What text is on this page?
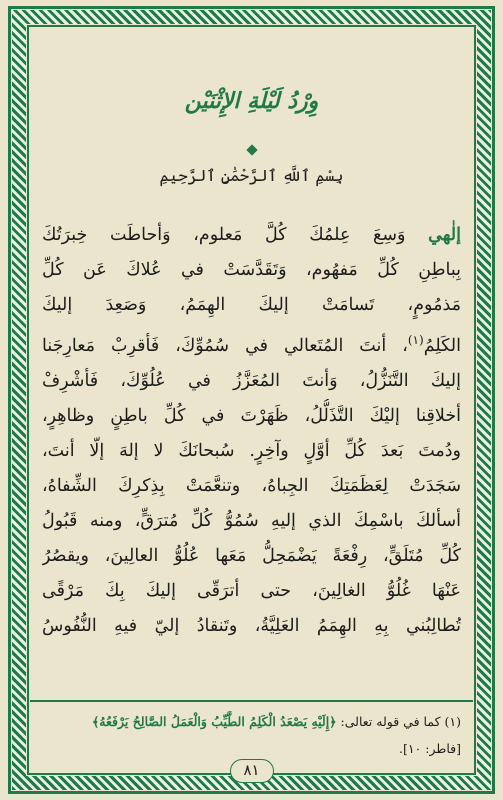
وِرْدُ لَيْلَةِ الإِثْنَيْن
بِسْمِ ٱللَّهِ ٱلرَّحْمَٰنِ ٱلرَّحِيمِ
إلٰهي وَسِعَ عِلمُكَ كُلَّ مَعلوم، وَأحاطَت خِبرَتُكَ
بِباطِنِ كُلِّ مَفهُوم، وَتَقَدَّسَتْ في عُلاكَ عَن كُلِّ
مَذمُومٍ، تَسامَتْ إليكَ الهِمَمُ، وَصَعِدَ إليكَ
الكَلِمُ$^{(١)}$، أنتَ المُتَعالي في سُمُوِّكَ، فَأقرِبْ مَعارِجَنا
إليكَ التَّنَزُّلُ، وَأنتَ المُعَزَّزُ في عُلُوِّكَ، فَأشْرِفْ
أخلاقِنا إليْكَ التَّذَلُّلُ، ظَهَرْتَ في كُلِّ باطِنٍ وظاهِرٍ،
ودُمتَ بَعدَ كُلِّ أوَّلٍ وآخِرٍ. سُبحانَكَ لا إلهَ إلّا أنتَ،
سَجَدَتْ لِعَظَمَتِكَ الجِباهُ، وتنعَّمَتْ بِذِكرِكَ الشِّفاهُ،
أسألكَ باسْمِكَ الذي إليهِ سُمُوُّ كُلِّ مُترَقٍّ، ومنه قَبُولُ
كُلِّ مُتَلَقٍّ، رِفْعَةً يَضْمَحِلُّ مَعَها عُلُوُّ العالِينَ، ويقصُرُ
عَنْهَا غُلُوُّ الغالِينَ، حتى أترَقّى إليكَ بِكَ مَرْقًى
تُطالِبُني بِهِ الهِمَمُ العَلِيَّةُ، وتَنقادُ إليّ فيهِ النُّفُوسُ
(١) كما في قوله تعالى: ﴿إِلَيْهِ يَصْعَدُ الْكَلِمُ الطَّيِّبُ وَالْعَمَلُ الصَّالِحُ يَرْفَعُهُ﴾
[فاطر: ١٠].
٨١
